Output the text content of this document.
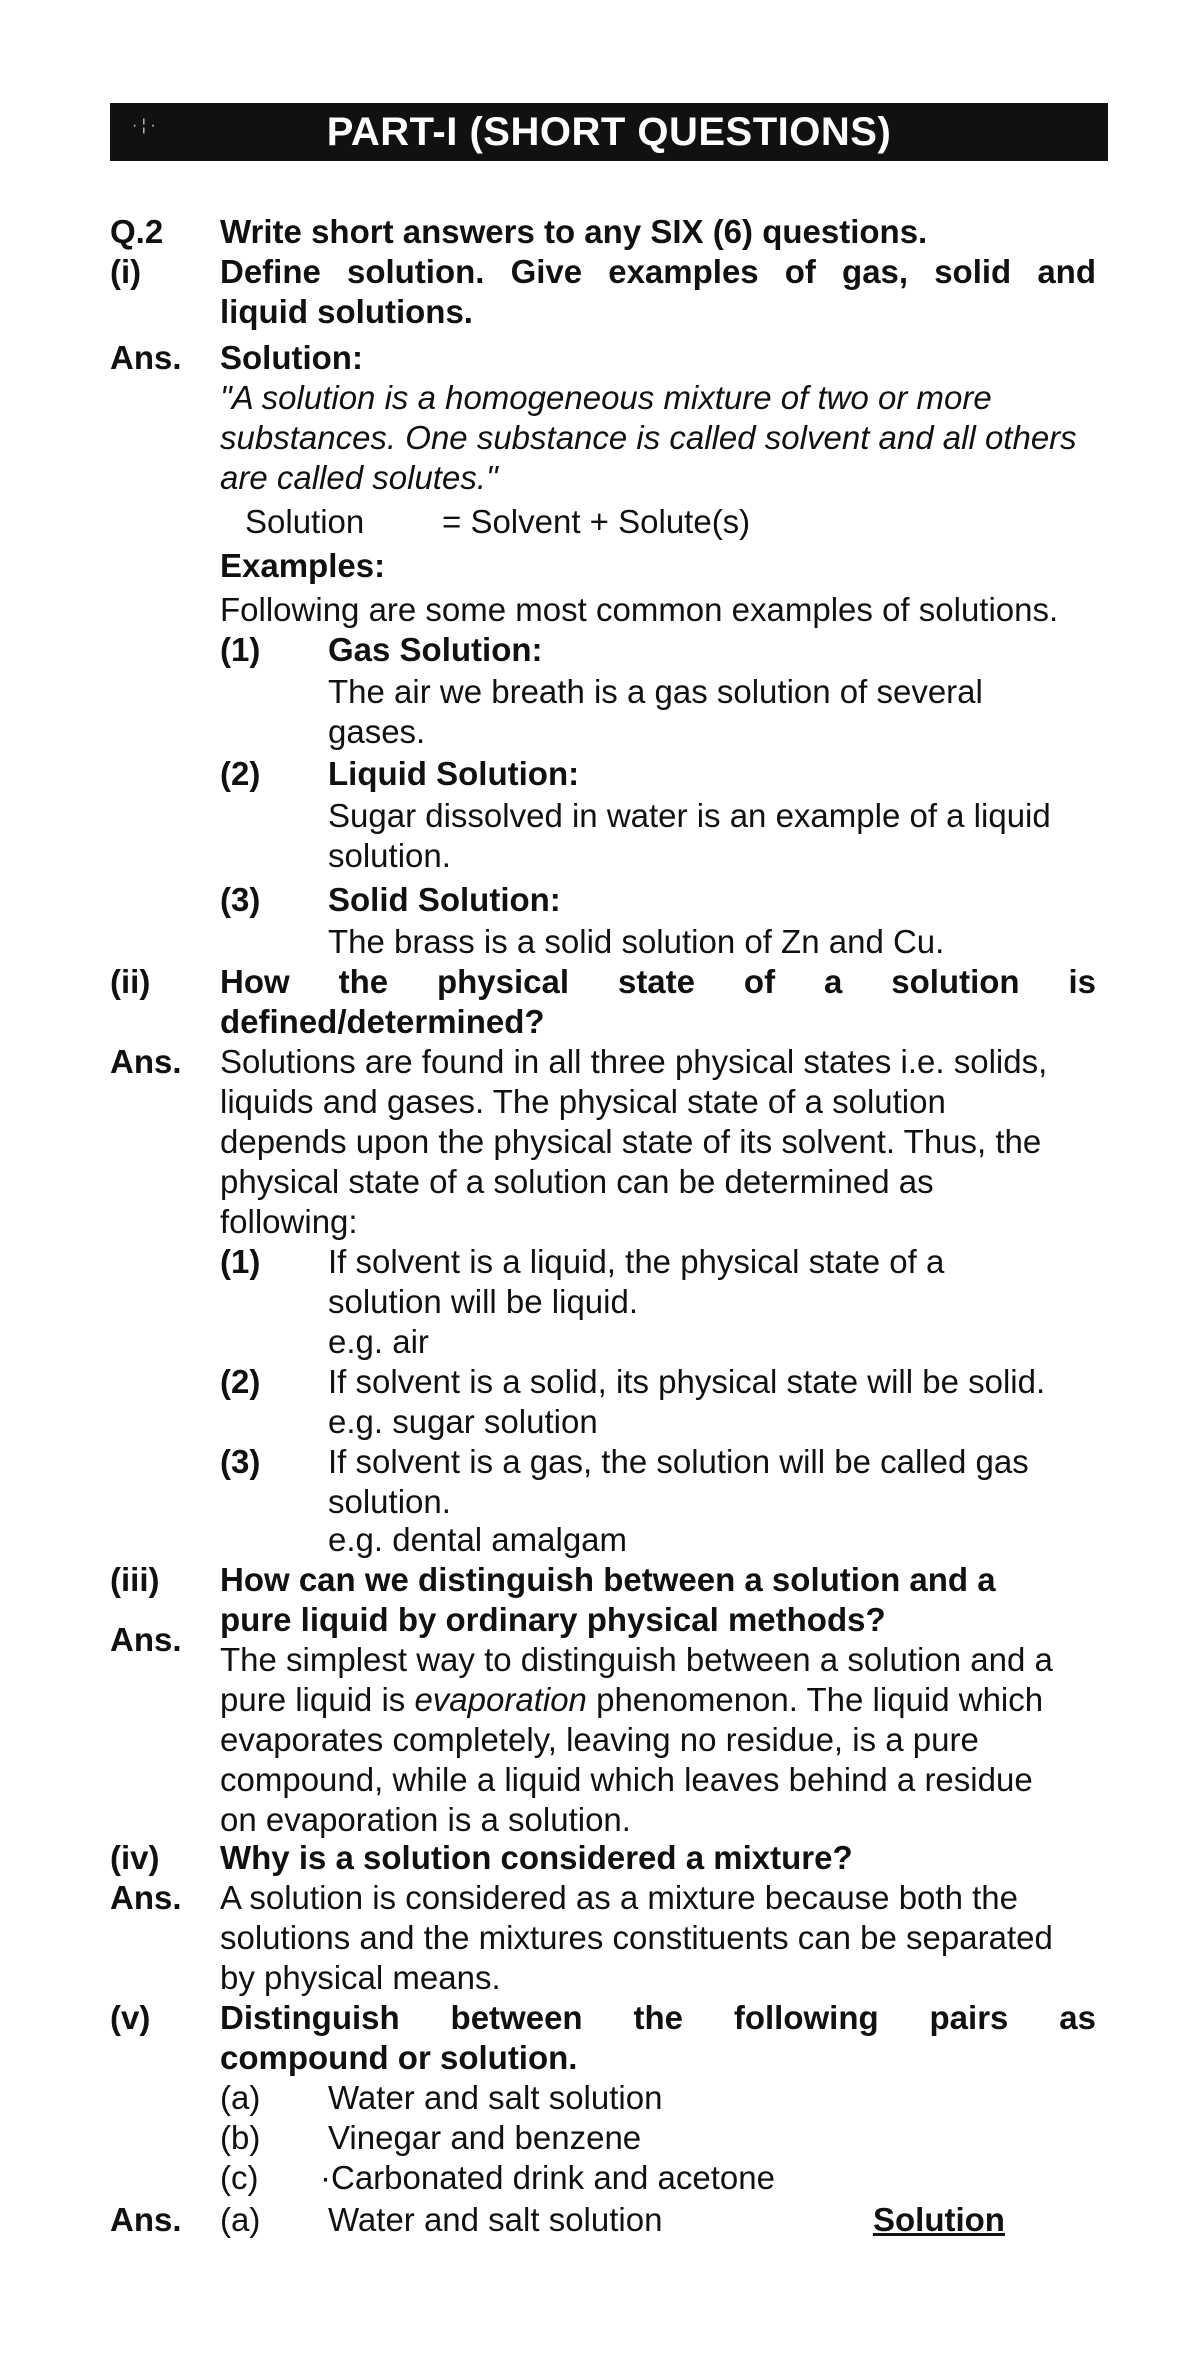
· ¦ ·	PART-I (SHORT QUESTIONS)
Q.2 Write short answers to any SIX (6) questions.
(i) Define solution. Give examples of gas, solid and
liquid solutions.
Ans. Solution:
"A solution is a homogeneous mixture of two or more
substances. One substance is called solvent and all others
are called solutes."
Solution = Solvent + Solute(s)
Examples:
Following are some most common examples of solutions.
(1) Gas Solution:
The air we breath is a gas solution of several
gases.
(2) Liquid Solution:
Sugar dissolved in water is an example of a liquid
solution.
(3) Solid Solution:
The brass is a solid solution of Zn and Cu.
(ii) How the physical state of a solution is
defined/determined?
Ans. Solutions are found in all three physical states i.e. solids,
liquids and gases. The physical state of a solution
depends upon the physical state of its solvent. Thus, the
physical state of a solution can be determined as
following:
(1) If solvent is a liquid, the physical state of a
solution will be liquid.
e.g. air
(2) If solvent is a solid, its physical state will be solid.
e.g. sugar solution
(3) If solvent is a gas, the solution will be called gas
solution.
e.g. dental amalgam
(iii) How can we distinguish between a solution and a
pure liquid by ordinary physical methods?
Ans.
The simplest way to distinguish between a solution and a
pure liquid is evaporation phenomenon. The liquid which
evaporates completely, leaving no residue, is a pure
compound, while a liquid which leaves behind a residue
on evaporation is a solution.
(iv) Why is a solution considered a mixture?
Ans. A solution is considered as a mixture because both the
solutions and the mixtures constituents can be separated
by physical means.
(v) Distinguish between the following pairs as
compound or solution.
(a) Water and salt solution
(b) Vinegar and benzene
(c) ·Carbonated drink and acetone
Ans. (a) Water and salt solution	Solution
